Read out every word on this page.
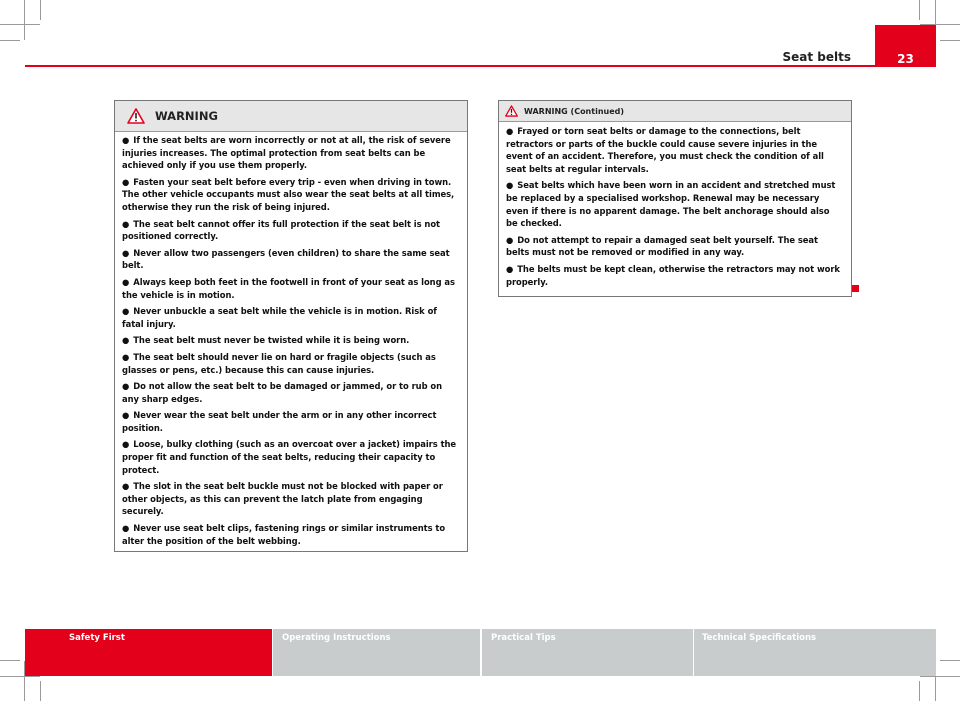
Seat belts	23
WARNING

● If the seat belts are worn incorrectly or not at all, the risk of severe injuries increases. The optimal protection from seat belts can be achieved only if you use them properly.

● Fasten your seat belt before every trip - even when driving in town. The other vehicle occupants must also wear the seat belts at all times, otherwise they run the risk of being injured.

● The seat belt cannot offer its full protection if the seat belt is not positioned correctly.

● Never allow two passengers (even children) to share the same seat belt.

● Always keep both feet in the footwell in front of your seat as long as the vehicle is in motion.

● Never unbuckle a seat belt while the vehicle is in motion. Risk of fatal injury.

● The seat belt must never be twisted while it is being worn.

● The seat belt should never lie on hard or fragile objects (such as glasses or pens, etc.) because this can cause injuries.

● Do not allow the seat belt to be damaged or jammed, or to rub on any sharp edges.

● Never wear the seat belt under the arm or in any other incorrect position.

● Loose, bulky clothing (such as an overcoat over a jacket) impairs the proper fit and function of the seat belts, reducing their capacity to protect.

● The slot in the seat belt buckle must not be blocked with paper or other objects, as this can prevent the latch plate from engaging securely.

● Never use seat belt clips, fastening rings or similar instruments to alter the position of the belt webbing.

WARNING (Continued)

● Frayed or torn seat belts or damage to the connections, belt retractors or parts of the buckle could cause severe injuries in the event of an accident. Therefore, you must check the condition of all seat belts at regular intervals.

● Seat belts which have been worn in an accident and stretched must be replaced by a specialised workshop. Renewal may be necessary even if there is no apparent damage. The belt anchorage should also be checked.

● Do not attempt to repair a damaged seat belt yourself. The seat belts must not be removed or modified in any way.

● The belts must be kept clean, otherwise the retractors may not work properly.

Safety First	Operating Instructions	Practical Tips	Technical Specifications
